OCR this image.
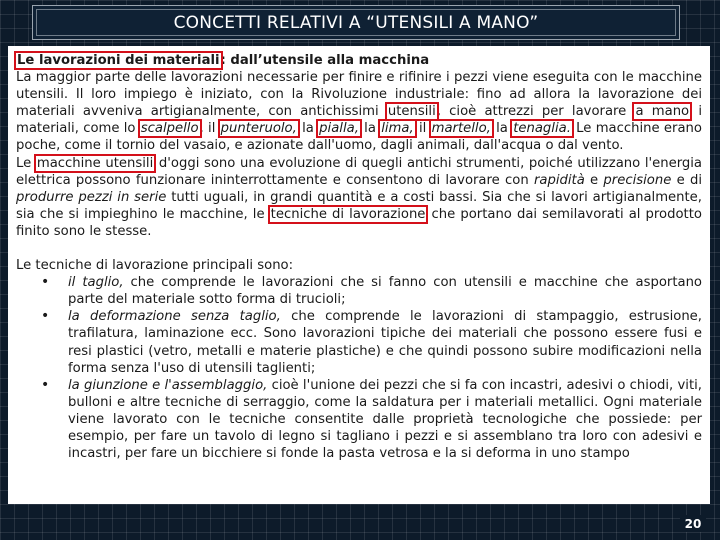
CONCETTI RELATIVI A “UTENSILI A MANO”

Le lavorazioni dei materiali: dall’utensile alla macchina

La maggior parte delle lavorazioni necessarie per finire e rifinire i pezzi viene eseguita con le macchine utensili. Il loro impiego è iniziato, con la Rivoluzione industriale: fino ad allora la lavorazione dei materiali avveniva artigianalmente, con antichissimi utensili, cioè attrezzi per lavorare a mano i materiali, come lo scalpello, il punteruolo, la pialla, la lima, il martello, la tenaglia. Le macchine erano poche, come il tornio del vasaio, e azionate dall'uomo, dagli animali, dall'acqua o dal vento.

Le macchine utensili d'oggi sono una evoluzione di quegli antichi strumenti, poiché utilizzano l'energia elettrica possono funzionare ininterrottamente e consentono di lavorare con rapidità e precisione e di produrre pezzi in serie tutti uguali, in grandi quantità e a costi bassi. Sia che si lavori artigianalmente, sia che si impieghino le macchine, le tecniche di lavorazione che portano dai semilavorati al prodotto finito sono le stesse.

Le tecniche di lavorazione principali sono:

• il taglio, che comprende le lavorazioni che si fanno con utensili e macchine che asportano parte del materiale sotto forma di trucioli;
• la deformazione senza taglio, che comprende le lavorazioni di stampaggio, estrusione, trafilatura, laminazione ecc. Sono lavorazioni tipiche dei materiali che possono essere fusi e resi plastici (vetro, metalli e materie plastiche) e che quindi possono subire modificazioni nella forma senza l'uso di utensili taglienti;
• la giunzione e l'assemblaggio, cioè l'unione dei pezzi che si fa con incastri, adesivi o chiodi, viti, bulloni e altre tecniche di serraggio, come la saldatura per i materiali metallici. Ogni materiale viene lavorato con le tecniche consentite dalle proprietà tecnologiche che possiede: per esempio, per fare un tavolo di legno si tagliano i pezzi e si assemblano tra loro con adesivi e incastri, per fare un bicchiere si fonde la pasta vetrosa e la si deforma in uno stampo
20
